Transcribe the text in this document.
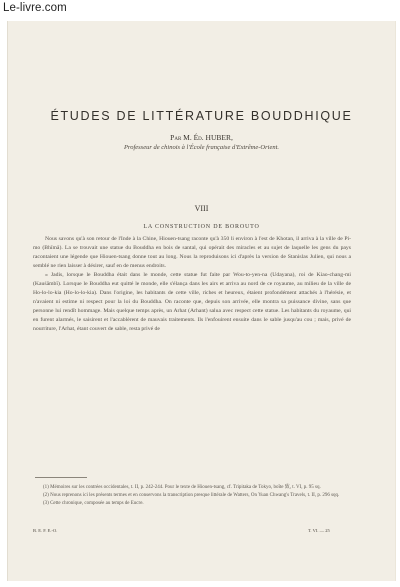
Le-livre.com
ÉTUDES DE LITTÉRATURE BOUDDHIQUE
Par M. Éd. HUBER,
Professeur de chinois à l'École française d'Extrême-Orient.
VIII
LA CONSTRUCTION DE BOROUTO

Nous savons qu'à son retour de l'Inde à la Chine, Hiouen-tsang raconte qu'à 350 li environ à l'est de Khotan, il arriva à la ville de Pi-mo (Bhīmā). La se trouvait une statue du Bouddha en bois de santal, qui opérait des miracles et au sujet de laquelle les gens du pays racontaient une légende que Hiouen-tsang donne tout au long. Nous la reproduisons ici d'après la version de Stanislas Julien, qui nous a semblé ne rien laisser à désirer, sauf en de menus endroits.

« Jadis, lorsque le Bouddha était dans le monde, cette statue fut faite par Wou-to-yen-na (Udayana), roi de Kiao-chang-mi (Kauśāmbī). Lorsque le Bouddha eut quitté le monde, elle s'élança dans les airs et arriva au nord de ce royaume, au milieu de la ville de Ho-lo-lo-kia (Ho-lo-lo-kia). Dans l'origine, les habitants de cette ville, riches et heureux, étaient profondément attachés à l'hérésie, et n'avaient ni estime ni respect pour la loi du Bouddha. On raconte que, depuis son arrivée, elle montra sa puissance divine, sans que personne lui rendît hommage. Mais quelque temps après, un Arhat (Arhant) salua avec respect cette statue. Les habitants du royaume, qui en furent alarmés, le saisirent et l'accablèrent de mauvais traitements. Ils l'enfouirent ensuite dans le sable jusqu'au cou ; mais, privé de nourriture, l'Arhat, étant couvert de sable, resta privé de

(1) Mémoires sur les contrées occidentales, t. II, p. 242-244. Pour le texte de Hiouen-tsang, cf. Tripitaka de Tokyo, boîte 致, t. VI, p. 95 sq.

(2) Nous reprenons ici les présents termes et en conservons la transcription presque littérale de Watters, On Yuan Chwang's Travels, t. II, p. 296 sqq.

(3) Cette chronique, composée au temps de Eucre.

B. E. F. E.-O.	T. VI. — 25
